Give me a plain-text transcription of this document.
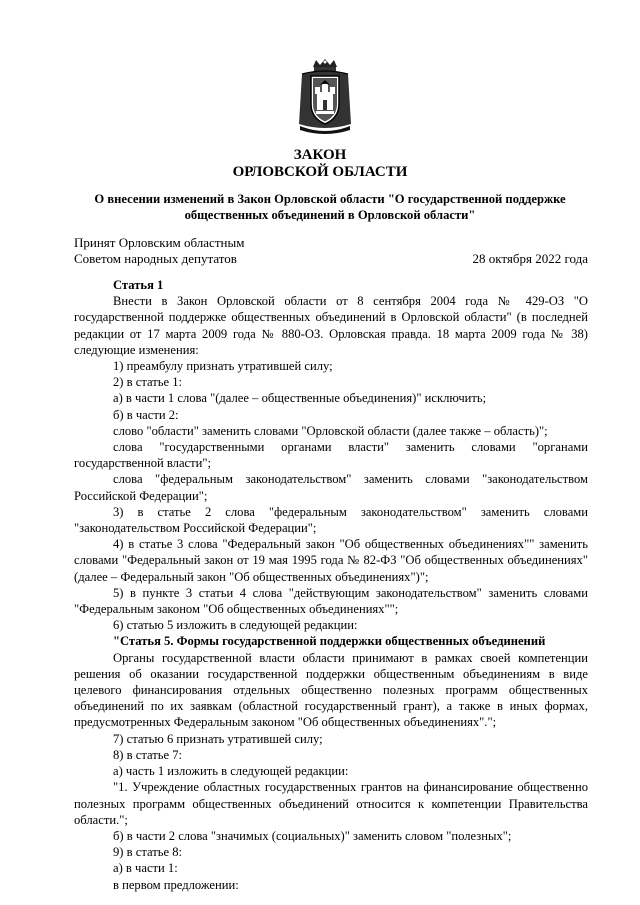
ЗАКОН
ОРЛОВСКОЙ ОБЛАСТИ
О внесении изменений в Закон Орловской области "О государственной поддержке общественных объединений в Орловской области"
Принят Орловским областным
Советом народных депутатов	28 октября 2022 года

Статья 1

Внести в Закон Орловской области от 8 сентября 2004 года № 429-ОЗ "О государственной поддержке общественных объединений в Орловской области" (в последней редакции от 17 марта 2009 года № 880-ОЗ. Орловская правда. 18 марта 2009 года № 38) следующие изменения:

1) преамбулу признать утратившей силу;

2) в статье 1:

а) в части 1 слова "(далее – общественные объединения)" исключить;

б) в части 2:

слово "области" заменить словами "Орловской области (далее также – область)";

слова "государственными органами власти" заменить словами "органами государственной власти";

слова "федеральным законодательством" заменить словами "законодательством Российской Федерации";

3) в статье 2 слова "федеральным законодательством" заменить словами "законодательством Российской Федерации";

4) в статье 3 слова "Федеральный закон "Об общественных объединениях"" заменить словами "Федеральный закон от 19 мая 1995 года № 82-ФЗ "Об общественных объединениях" (далее – Федеральный закон "Об общественных объединениях")";

5) в пункте 3 статьи 4 слова "действующим законодательством" заменить словами "Федеральным законом "Об общественных объединениях"";

6) статью 5 изложить в следующей редакции:

"Статья 5. Формы государственной поддержки общественных объединений

Органы государственной власти области принимают в рамках своей компетенции решения об оказании государственной поддержки общественным объединениям в виде целевого финансирования отдельных общественно полезных программ общественных объединений по их заявкам (областной государственный грант), а также в иных формах, предусмотренных Федеральным законом "Об общественных объединениях".";

7) статью 6 признать утратившей силу;

8) в статье 7:

а) часть 1 изложить в следующей редакции:

"1. Учреждение областных государственных грантов на финансирование общественно полезных программ общественных объединений относится к компетенции Правительства области.";

б) в части 2 слова "значимых (социальных)" заменить словом "полезных";

9) в статье 8:

а) в части 1:

в первом предложении:
